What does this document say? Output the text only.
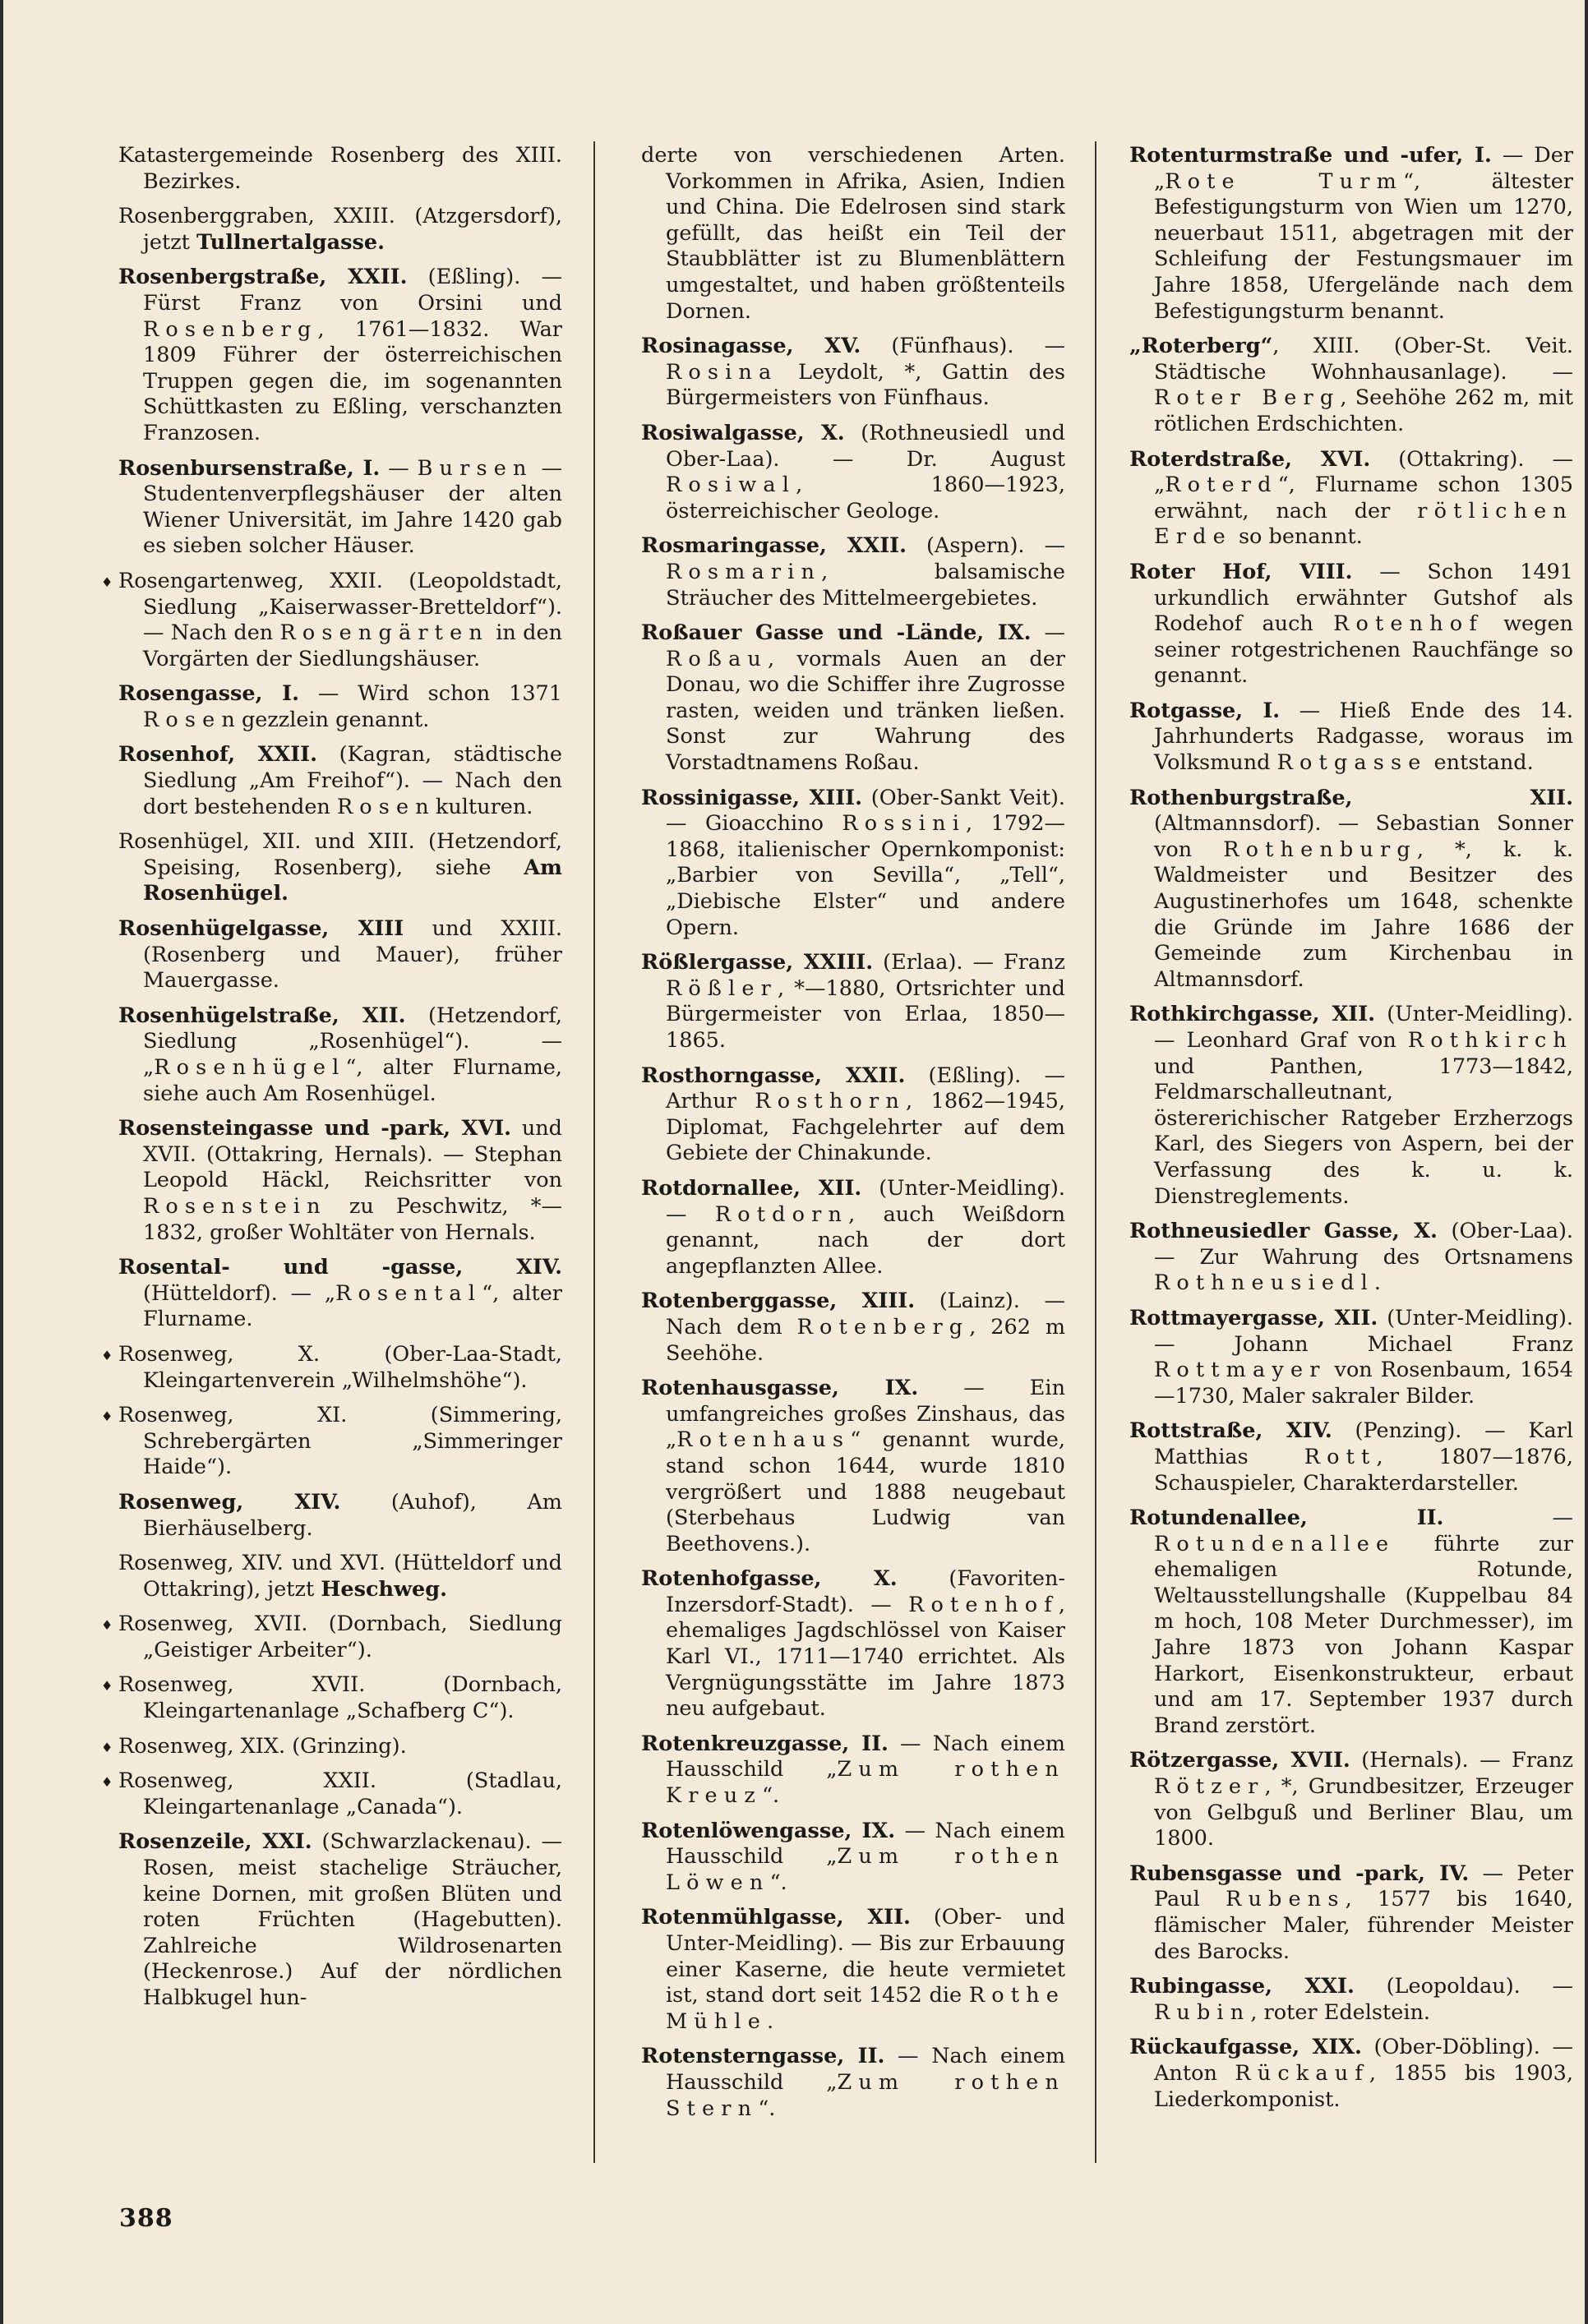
Katastergemeinde Rosenberg des XIII. Bezirkes.

Rosenberggraben, XXIII. (Atzgersdorf), jetzt Tullnertalgasse.

Rosenbergstraße, XXII. (Eßling). — Fürst Franz von Orsini und Rosenberg, 1761—1832. War 1809 Führer der österreichischen Truppen gegen die, im sogenannten Schüttkasten zu Eßling, verschanzten Franzosen.

Rosenbursenstraße, I. — Bursen — Studentenverpflegshäuser der alten Wiener Universität, im Jahre 1420 gab es sieben solcher Häuser.

♦ Rosengartenweg, XXII. (Leopoldstadt, Siedlung „Kaiserwasser-Bretteldorf“). — Nach den Rosengärten in den Vorgärten der Siedlungshäuser.

Rosengasse, I. — Wird schon 1371 Rosengezzlein genannt.

Rosenhof, XXII. (Kagran, städtische Siedlung „Am Freihof“). — Nach den dort bestehenden Rosenkulturen.

Rosenhügel, XII. und XIII. (Hetzendorf, Speising, Rosenberg), siehe Am Rosenhügel.

Rosenhügelgasse, XIII und XXIII. (Rosenberg und Mauer), früher Mauergasse.

Rosenhügelstraße, XII. (Hetzendorf, Siedlung „Rosenhügel“). — „Rosenhügel“, alter Flurname, siehe auch Am Rosenhügel.

Rosensteingasse und -park, XVI. und XVII. (Ottakring, Hernals). — Stephan Leopold Häckl, Reichsritter von Rosenstein zu Peschwitz, *—1832, großer Wohltäter von Hernals.

Rosental- und -gasse, XIV. (Hütteldorf). — „Rosental“, alter Flurname.

♦ Rosenweg, X. (Ober-Laa-Stadt, Kleingartenverein „Wilhelmshöhe“).

♦ Rosenweg, XI. (Simmering, Schrebergärten „Simmeringer Haide“).

Rosenweg, XIV. (Auhof), Am Bierhäuselberg.

Rosenweg, XIV. und XVI. (Hütteldorf und Ottakring), jetzt Heschweg.

♦ Rosenweg, XVII. (Dornbach, Siedlung „Geistiger Arbeiter“).

♦ Rosenweg, XVII. (Dornbach, Kleingartenanlage „Schafberg C“).

♦ Rosenweg, XIX. (Grinzing).

♦ Rosenweg, XXII. (Stadlau, Kleingartenanlage „Canada“).

Rosenzeile, XXI. (Schwarzlackenau). — Rosen, meist stachelige Sträucher, keine Dornen, mit großen Blüten und roten Früchten (Hagebutten). Zahlreiche Wildrosenarten (Heckenrose.) Auf der nördlichen Halbkugel hun-

derte von verschiedenen Arten. Vorkommen in Afrika, Asien, Indien und China. Die Edelrosen sind stark gefüllt, das heißt ein Teil der Staubblätter ist zu Blumenblättern umgestaltet, und haben größtenteils Dornen.

Rosinagasse, XV. (Fünfhaus). — Rosina Leydolt, *, Gattin des Bürgermeisters von Fünfhaus.

Rosiwalgasse, X. (Rothneusiedl und Ober-Laa). — Dr. August Rosiwal, 1860—1923, österreichischer Geologe.

Rosmaringasse, XXII. (Aspern). — Rosmarin, balsamische Sträucher des Mittelmeergebietes.

Roßauer Gasse und -Lände, IX. — Roßau, vormals Auen an der Donau, wo die Schiffer ihre Zugrosse rasten, weiden und tränken ließen. Sonst zur Wahrung des Vorstadtnamens Roßau.

Rossinigasse, XIII. (Ober-Sankt Veit). — Gioacchino Rossini, 1792—1868, italienischer Opernkomponist: „Barbier von Sevilla“, „Tell“, „Diebische Elster“ und andere Opern.

Rößlergasse, XXIII. (Erlaa). — Franz Rößler, *—1880, Ortsrichter und Bürgermeister von Erlaa, 1850—1865.

Rosthorngasse, XXII. (Eßling). — Arthur Rosthorn, 1862—1945, Diplomat, Fachgelehrter auf dem Gebiete der Chinakunde.

Rotdornallee, XII. (Unter-Meidling). — Rotdorn, auch Weißdorn genannt, nach der dort angepflanzten Allee.

Rotenberggasse, XIII. (Lainz). — Nach dem Rotenberg, 262 m Seehöhe.

Rotenhausgasse, IX. — Ein umfangreiches großes Zinshaus, das „Rotenhaus“ genannt wurde, stand schon 1644, wurde 1810 vergrößert und 1888 neugebaut (Sterbehaus Ludwig van Beethovens.).

Rotenhofgasse, X. (Favoriten-Inzersdorf-Stadt). — Rotenhof, ehemaliges Jagdschlössel von Kaiser Karl VI., 1711—1740 errichtet. Als Vergnügungsstätte im Jahre 1873 neu aufgebaut.

Rotenkreuzgasse, II. — Nach einem Hausschild „Zum rothen Kreuz“.

Rotenlöwengasse, IX. — Nach einem Hausschild „Zum rothen Löwen“.

Rotenmühlgasse, XII. (Ober- und Unter-Meidling). — Bis zur Erbauung einer Kaserne, die heute vermietet ist, stand dort seit 1452 die Rothe Mühle.

Rotensterngasse, II. — Nach einem Hausschild „Zum rothen Stern“.

Rotenturmstraße und -ufer, I. — Der „Rote Turm“, ältester Befestigungsturm von Wien um 1270, neuerbaut 1511, abgetragen mit der Schleifung der Festungsmauer im Jahre 1858, Ufergelände nach dem Befestigungsturm benannt.

„Roterberg“, XIII. (Ober-St. Veit. Städtische Wohnhausanlage). — Roter Berg, Seehöhe 262 m, mit rötlichen Erdschichten.

Roterdstraße, XVI. (Ottakring). — „Roterd“, Flurname schon 1305 erwähnt, nach der rötlichen Erde so benannt.

Roter Hof, VIII. — Schon 1491 urkundlich erwähnter Gutshof als Rodehof auch Rotenhof wegen seiner rotgestrichenen Rauchfänge so genannt.

Rotgasse, I. — Hieß Ende des 14. Jahrhunderts Radgasse, woraus im Volksmund Rotgasse entstand.

Rothenburgstraße, XII. (Altmannsdorf). — Sebastian Sonner von Rothenburg, *, k. k. Waldmeister und Besitzer des Augustinerhofes um 1648, schenkte die Gründe im Jahre 1686 der Gemeinde zum Kirchenbau in Altmannsdorf.

Rothkirchgasse, XII. (Unter-Meidling). — Leonhard Graf von Rothkirch und Panthen, 1773—1842, Feldmarschalleutnant, östererichischer Ratgeber Erzherzogs Karl, des Siegers von Aspern, bei der Verfassung des k. u. k. Dienstreglements.

Rothneusiedler Gasse, X. (Ober-Laa). — Zur Wahrung des Ortsnamens Rothneusiedl.

Rottmayergasse, XII. (Unter-Meidling). — Johann Michael Franz Rottmayer von Rosenbaum, 1654—1730, Maler sakraler Bilder.

Rottstraße, XIV. (Penzing). — Karl Matthias Rott, 1807—1876, Schauspieler, Charakterdarsteller.

Rotundenallee, II. — Rotundenallee führte zur ehemaligen Rotunde, Weltausstellungshalle (Kuppelbau 84 m hoch, 108 Meter Durchmesser), im Jahre 1873 von Johann Kaspar Harkort, Eisenkonstrukteur, erbaut und am 17. September 1937 durch Brand zerstört.

Rötzergasse, XVII. (Hernals). — Franz Rötzer, *, Grundbesitzer, Erzeuger von Gelbguß und Berliner Blau, um 1800.

Rubensgasse und -park, IV. — Peter Paul Rubens, 1577 bis 1640, flämischer Maler, führender Meister des Barocks.

Rubingasse, XXI. (Leopoldau). — Rubin, roter Edelstein.

Rückaufgasse, XIX. (Ober-Döbling). — Anton Rückauf, 1855 bis 1903, Liederkomponist.

388
